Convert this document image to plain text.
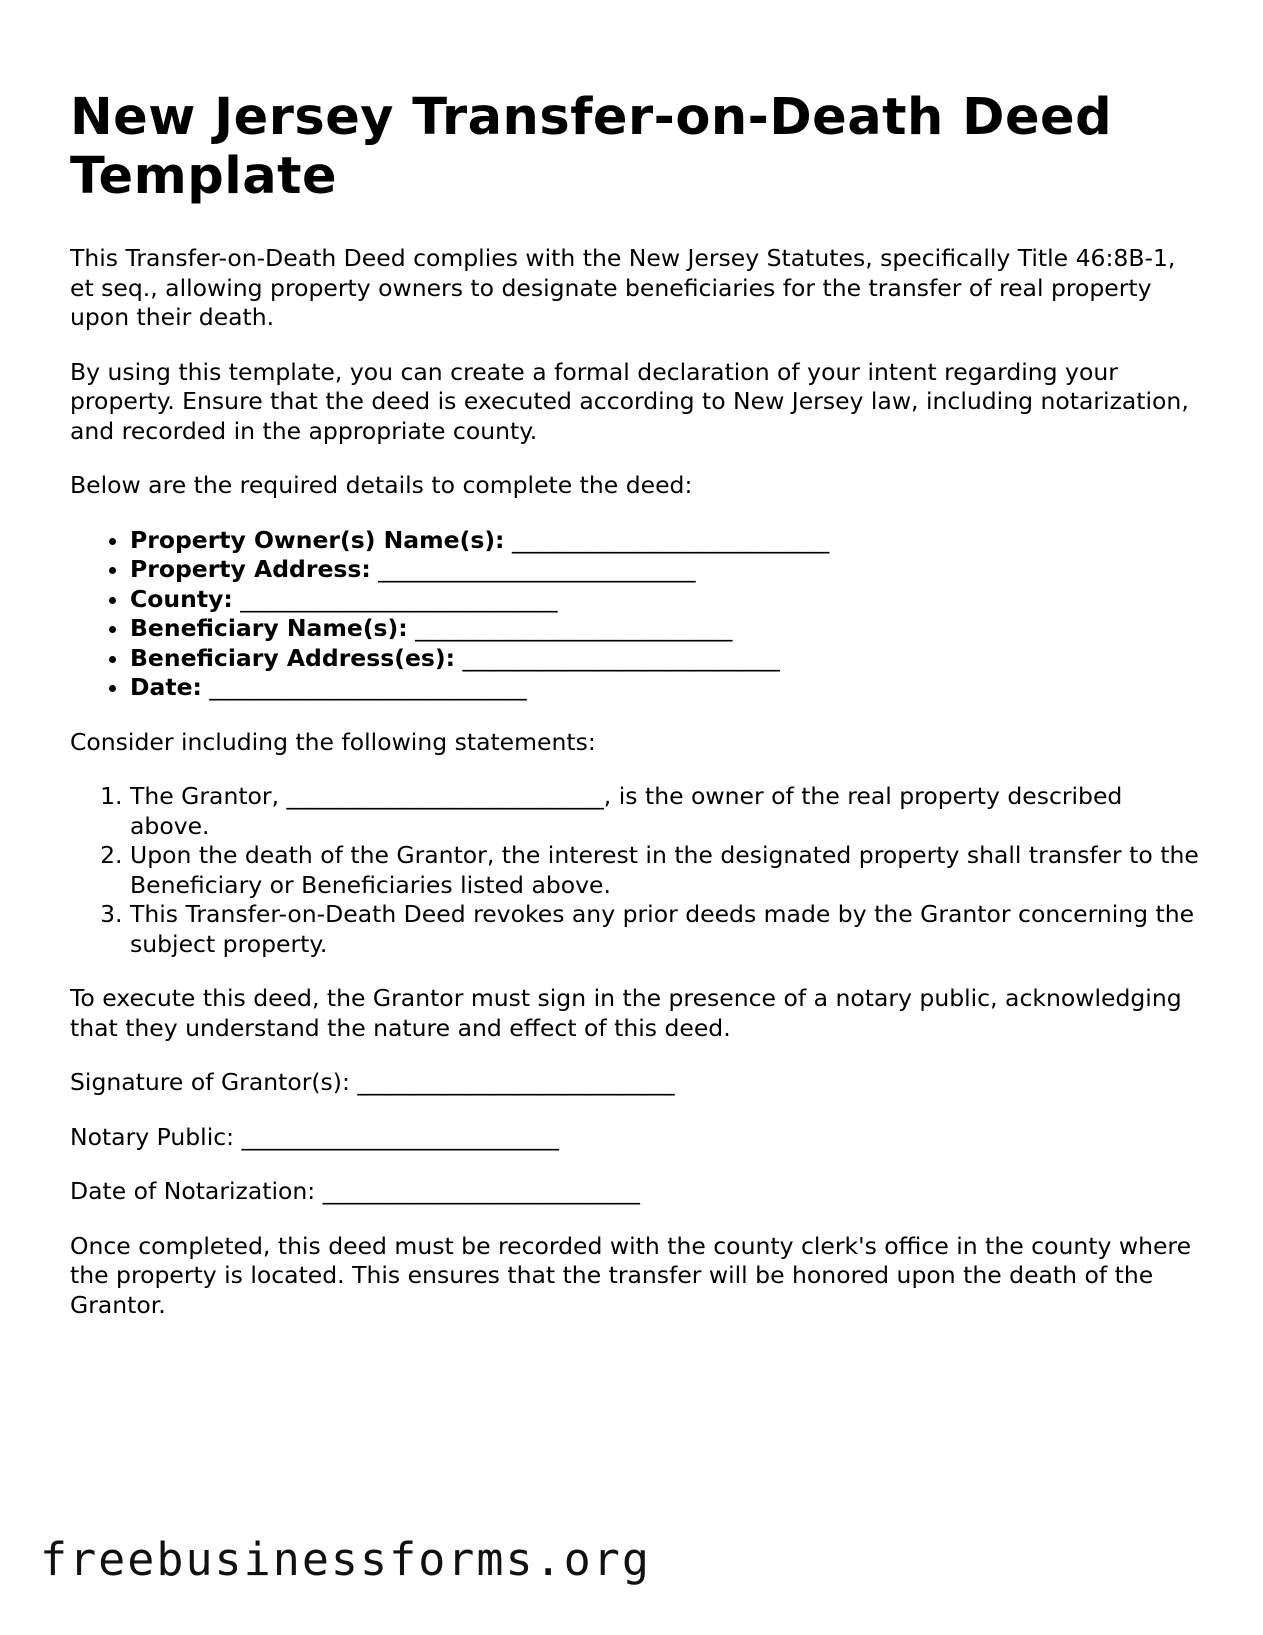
New Jersey Transfer-on-Death Deed Template

This Transfer-on-Death Deed complies with the New Jersey Statutes, specifically Title 46:8B-1, et seq., allowing property owners to designate beneficiaries for the transfer of real property upon their death.

By using this template, you can create a formal declaration of your intent regarding your property. Ensure that the deed is executed according to New Jersey law, including notarization, and recorded in the appropriate county.

Below are the required details to complete the deed:

• Property Owner(s) Name(s): ___________________________
• Property Address: ___________________________
• County: ___________________________
• Beneficiary Name(s): ___________________________
• Beneficiary Address(es): ___________________________
• Date: ___________________________

Consider including the following statements:

1. The Grantor, ___________________________, is the owner of the real property described above.
2. Upon the death of the Grantor, the interest in the designated property shall transfer to the Beneficiary or Beneficiaries listed above.
3. This Transfer-on-Death Deed revokes any prior deeds made by the Grantor concerning the subject property.

To execute this deed, the Grantor must sign in the presence of a notary public, acknowledging that they understand the nature and effect of this deed.

Signature of Grantor(s): ___________________________

Notary Public: ___________________________

Date of Notarization: ___________________________

Once completed, this deed must be recorded with the county clerk's office in the county where the property is located. This ensures that the transfer will be honored upon the death of the Grantor.

freebusinessforms.org
